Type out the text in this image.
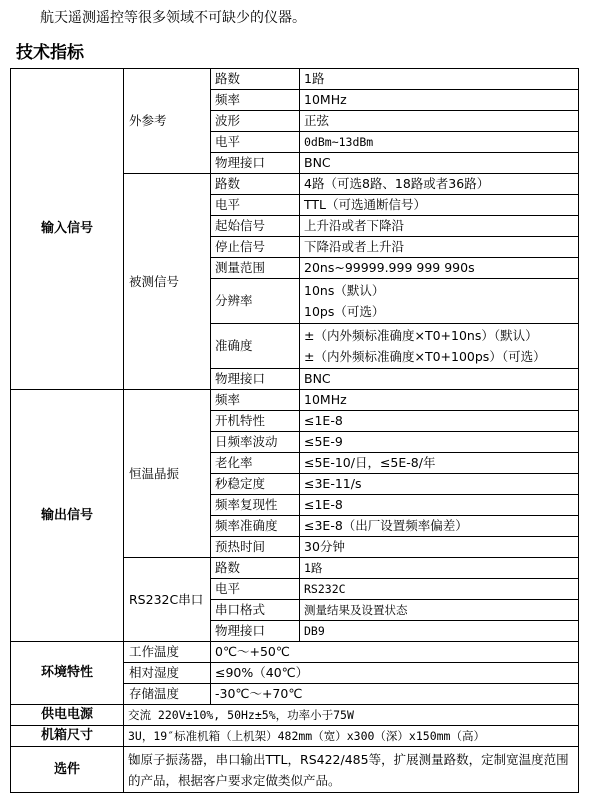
航天遥测遥控等很多领域不可缺少的仪器。
技术指标
输入信号	外参考	路数	1路
		频率	10MHz
		波形	正弦
		电平	0dBm~13dBm
		物理接口	BNC
	被测信号	路数	4路（可选8路、18路或者36路）
		电平	TTL（可选通断信号）
		起始信号	上升沿或者下降沿
		停止信号	下降沿或者上升沿
		测量范围	20ns~99999.999 999 990s
		分辨率	10ns（默认）
10ps（可选）

		准确度	±（内外频标准确度×T0+10ns）（默认）
±（内外频标准确度×T0+100ps）（可选）

		物理接口	BNC
输出信号	恒温晶振	频率	10MHz
		开机特性	≤1E-8
		日频率波动	≤5E-9
		老化率	≤5E-10/日，≤5E-8/年
		秒稳定度	≤3E-11/s
		频率复现性	≤1E-8
		频率准确度	≤3E-8（出厂设置频率偏差）
		预热时间	30分钟
	RS232C串口	路数	1路
		电平	RS232C
		串口格式	测量结果及设置状态
		物理接口	DB9
环境特性	工作温度	0℃～+50℃	
	相对湿度	≤90%（40℃）	
	存储温度	-30℃～+70℃	
供电电源	交流 220V±10%, 50Hz±5%，功率小于75W		
机箱尺寸	3U，19″标准机箱（上机架）482mm（宽）x300（深）x150mm（高）		
选件	铷原子振荡器，串口输出TTL，RS422/485等，扩展测量路数，定制宽温度范围的产品，根据客户要求定做类似产品。		
